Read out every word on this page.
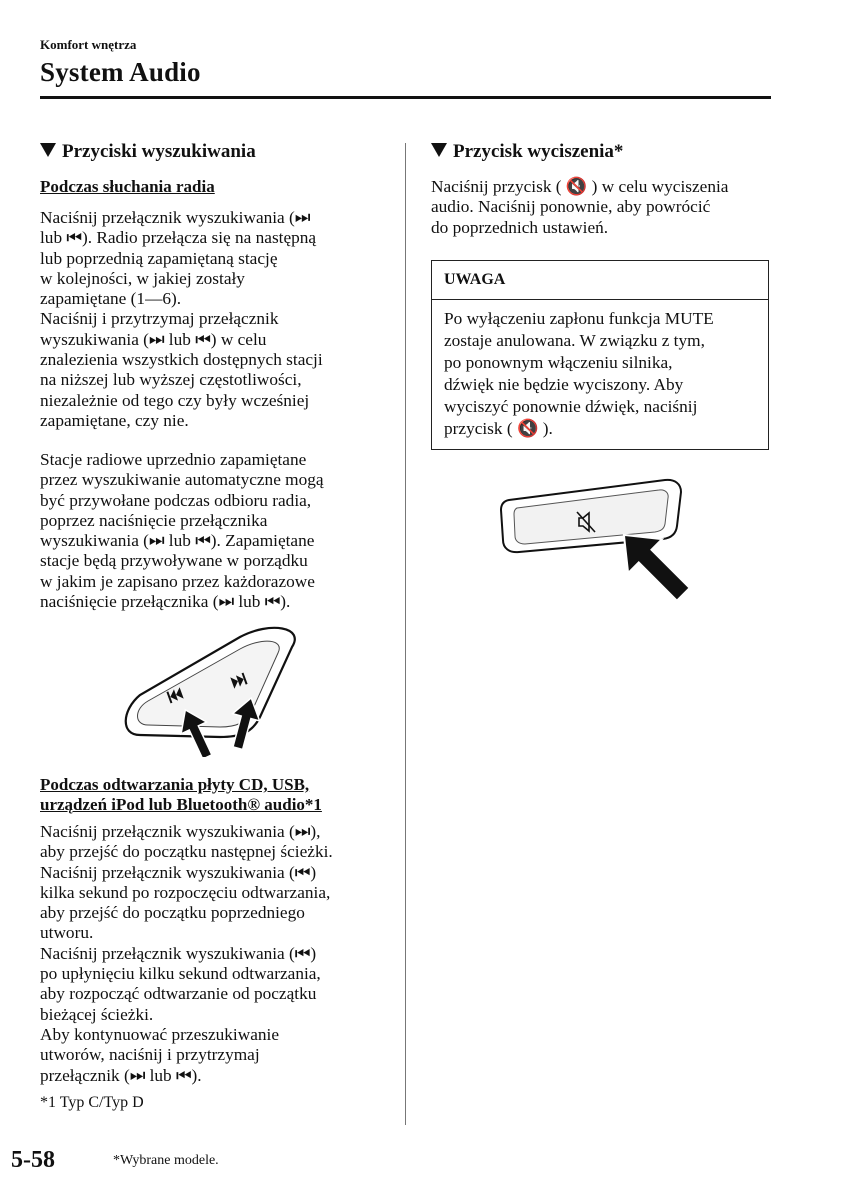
Komfort wnętrza
System Audio
Przyciski wyszukiwania
Podczas słuchania radia
Naciśnij przełącznik wyszukiwania (⏭
lub ⏮). Radio przełącza się na następną
lub poprzednią zapamiętaną stację
w kolejności, w jakiej zostały
zapamiętane (1—6).
Naciśnij i przytrzymaj przełącznik
wyszukiwania (⏭ lub ⏮) w celu
znalezienia wszystkich dostępnych stacji
na niższej lub wyższej częstotliwości,
niezależnie od tego czy były wcześniej
zapamiętane, czy nie.
Stacje radiowe uprzednio zapamiętane
przez wyszukiwanie automatyczne mogą
być przywołane podczas odbioru radia,
poprzez naciśnięcie przełącznika
wyszukiwania (⏭ lub ⏮). Zapamiętane
stacje będą przywoływane w porządku
w jakim je zapisano przez każdorazowe
naciśnięcie przełącznika (⏭ lub ⏮).
Podczas odtwarzania płyty CD, USB,
urządzeń iPod lub Bluetooth® audio*1
Naciśnij przełącznik wyszukiwania (⏭),
aby przejść do początku następnej ścieżki.
Naciśnij przełącznik wyszukiwania (⏮)
kilka sekund po rozpoczęciu odtwarzania,
aby przejść do początku poprzedniego
utworu.
Naciśnij przełącznik wyszukiwania (⏮)
po upłynięciu kilku sekund odtwarzania,
aby rozpocząć odtwarzanie od początku
bieżącej ścieżki.
Aby kontynuować przeszukiwanie
utworów, naciśnij i przytrzymaj
przełącznik (⏭ lub ⏮).
*1 Typ C/Typ D
Przycisk wyciszenia*
Naciśnij przycisk ( 🔇 ) w celu wyciszenia
audio. Naciśnij ponownie, aby powrócić
do poprzednich ustawień.
UWAGA
Po wyłączeniu zapłonu funkcja MUTE
zostaje anulowana. W związku z tym,
po ponownym włączeniu silnika,
dźwięk nie będzie wyciszony. Aby
wyciszyć ponownie dźwięk, naciśnij
przycisk ( 🔇 ).
5-58	*Wybrane modele.
